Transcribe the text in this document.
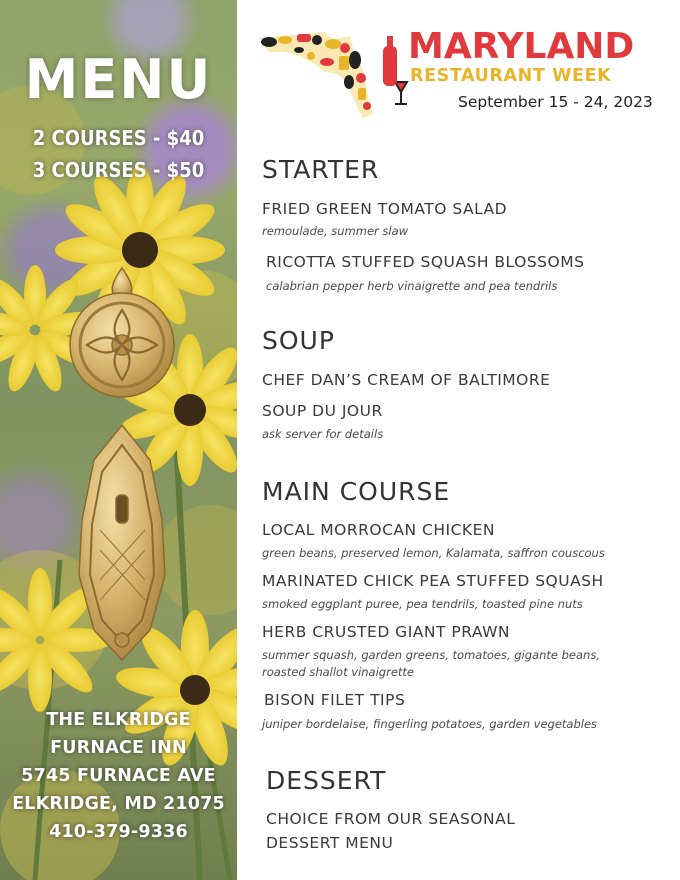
MENU
2 COURSES - $40
3 COURSES - $50
THE ELKRIDGE
FURNACE INN
5745 FURNACE AVE
ELKRIDGE, MD 21075
410-379-9336
MARYLAND
RESTAURANT WEEK
September 15 - 24, 2023
STARTER
FRIED GREEN TOMATO SALAD
remoulade, summer slaw
RICOTTA STUFFED SQUASH BLOSSOMS
calabrian pepper herb vinaigrette and pea tendrils
SOUP
CHEF DAN’S CREAM OF BALTIMORE
SOUP DU JOUR
ask server for details
MAIN COURSE
LOCAL MORROCAN CHICKEN
green beans, preserved lemon, Kalamata, saffron couscous
MARINATED CHICK PEA STUFFED SQUASH
smoked eggplant puree, pea tendrils, toasted pine nuts
HERB CRUSTED GIANT PRAWN
summer squash, garden greens, tomatoes, gigante beans,
roasted shallot vinaigrette
BISON FILET TIPS
juniper bordelaise, fingerling potatoes, garden vegetables
DESSERT
CHOICE FROM OUR SEASONAL
DESSERT MENU
